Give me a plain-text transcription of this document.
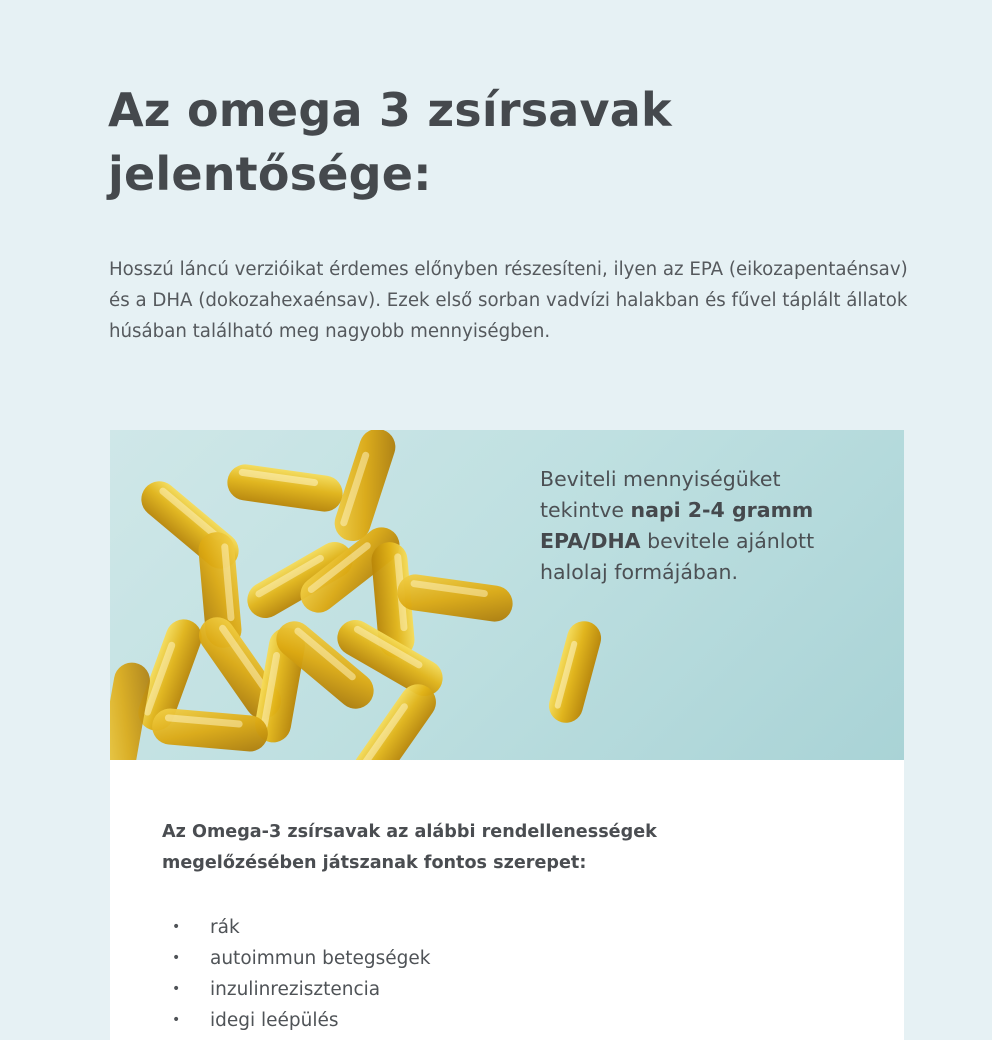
Az omega 3 zsírsavak jelentősége:

Hosszú láncú verzióikat érdemes előnyben részesíteni, ilyen az EPA (eikozapentaénsav) és a DHA (dokozahexaénsav). Ezek első sorban vadvízi halakban és fűvel táplált állatok húsában található meg nagyobb mennyiségben.

Beviteli mennyiségüket tekintve napi 2-4 gramm EPA/DHA bevitele ajánlott halolaj formájában.

Az Omega-3 zsírsavak az alábbi rendellenességek megelőzésében játszanak fontos szerepet:

• rák
• autoimmun betegségek
• inzulinrezisztencia
• idegi leépülés
